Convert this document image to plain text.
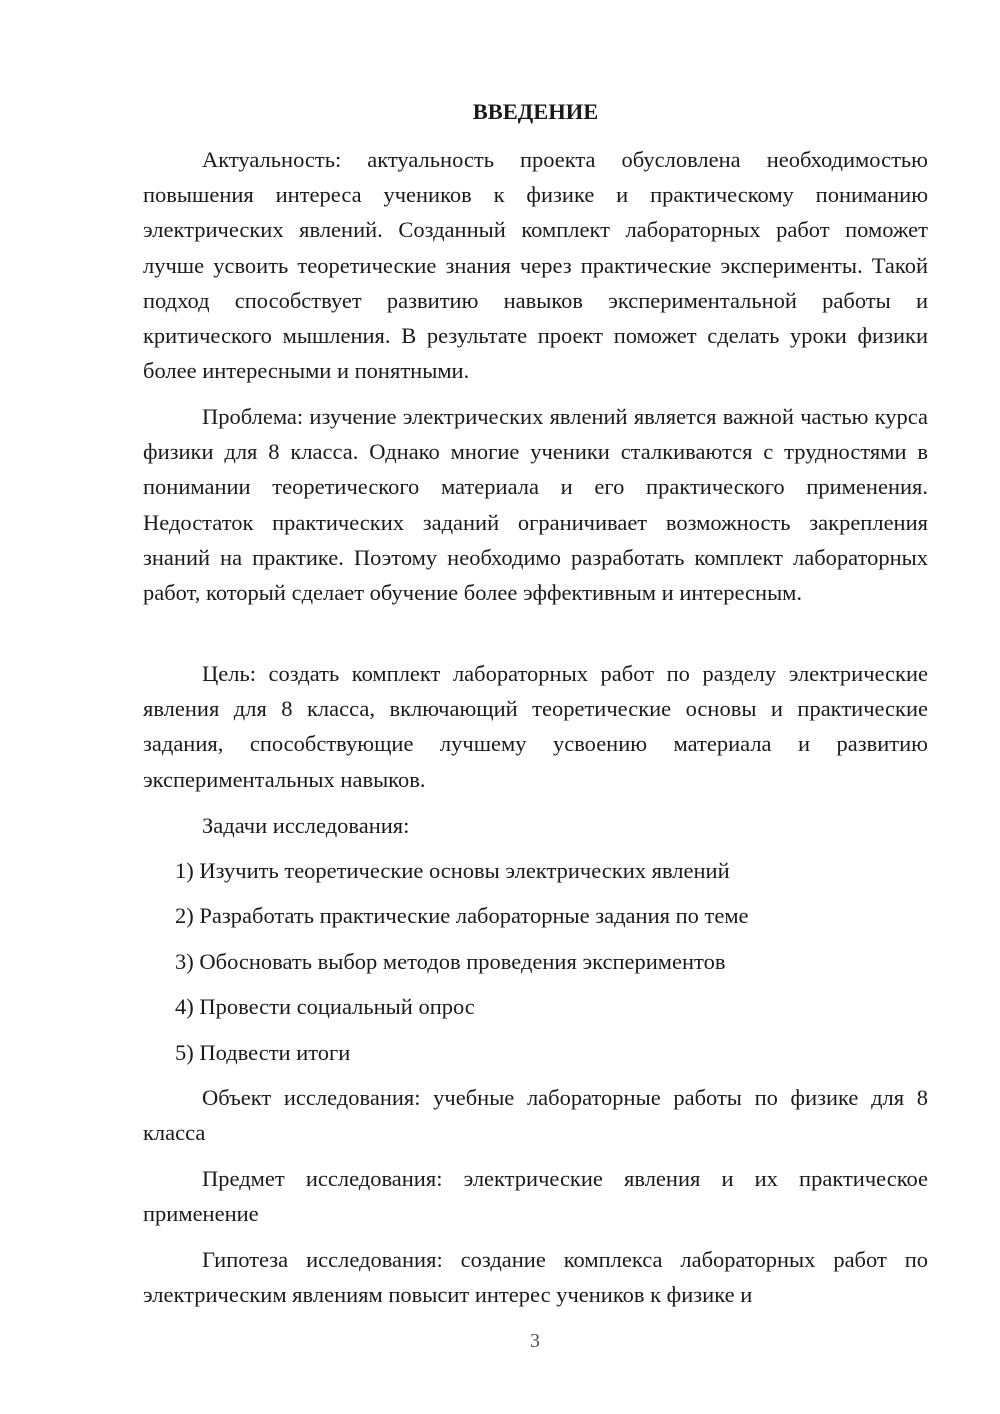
ВВЕДЕНИЕ

Актуальность: актуальность проекта обусловлена необходимостью повышения интереса учеников к физике и практическому пониманию электрических явлений. Созданный комплект лабораторных работ поможет лучше усвоить теоретические знания через практические эксперименты. Такой подход способствует развитию навыков экспериментальной работы и критического мышления. В результате проект поможет сделать уроки физики более интересными и понятными.

Проблема: изучение электрических явлений является важной частью курса физики для 8 класса. Однако многие ученики сталкиваются с трудностями в понимании теоретического материала и его практического применения. Недостаток практических заданий ограничивает возможность закрепления знаний на практике. Поэтому необходимо разработать комплект лабораторных работ, который сделает обучение более эффективным и интересным.

Цель: создать комплект лабораторных работ по разделу электрические явления для 8 класса, включающий теоретические основы и практические задания, способствующие лучшему усвоению материала и развитию экспериментальных навыков.

Задачи исследования:

1) Изучить теоретические основы электрических явлений

2) Разработать практические лабораторные задания по теме

3) Обосновать выбор методов проведения экспериментов

4) Провести социальный опрос

5) Подвести итоги

Объект исследования: учебные лабораторные работы по физике для 8 класса

Предмет исследования: электрические явления и их практическое применение

Гипотеза исследования: создание комплекса лабораторных работ по электрическим явлениям повысит интерес учеников к физике и

3
